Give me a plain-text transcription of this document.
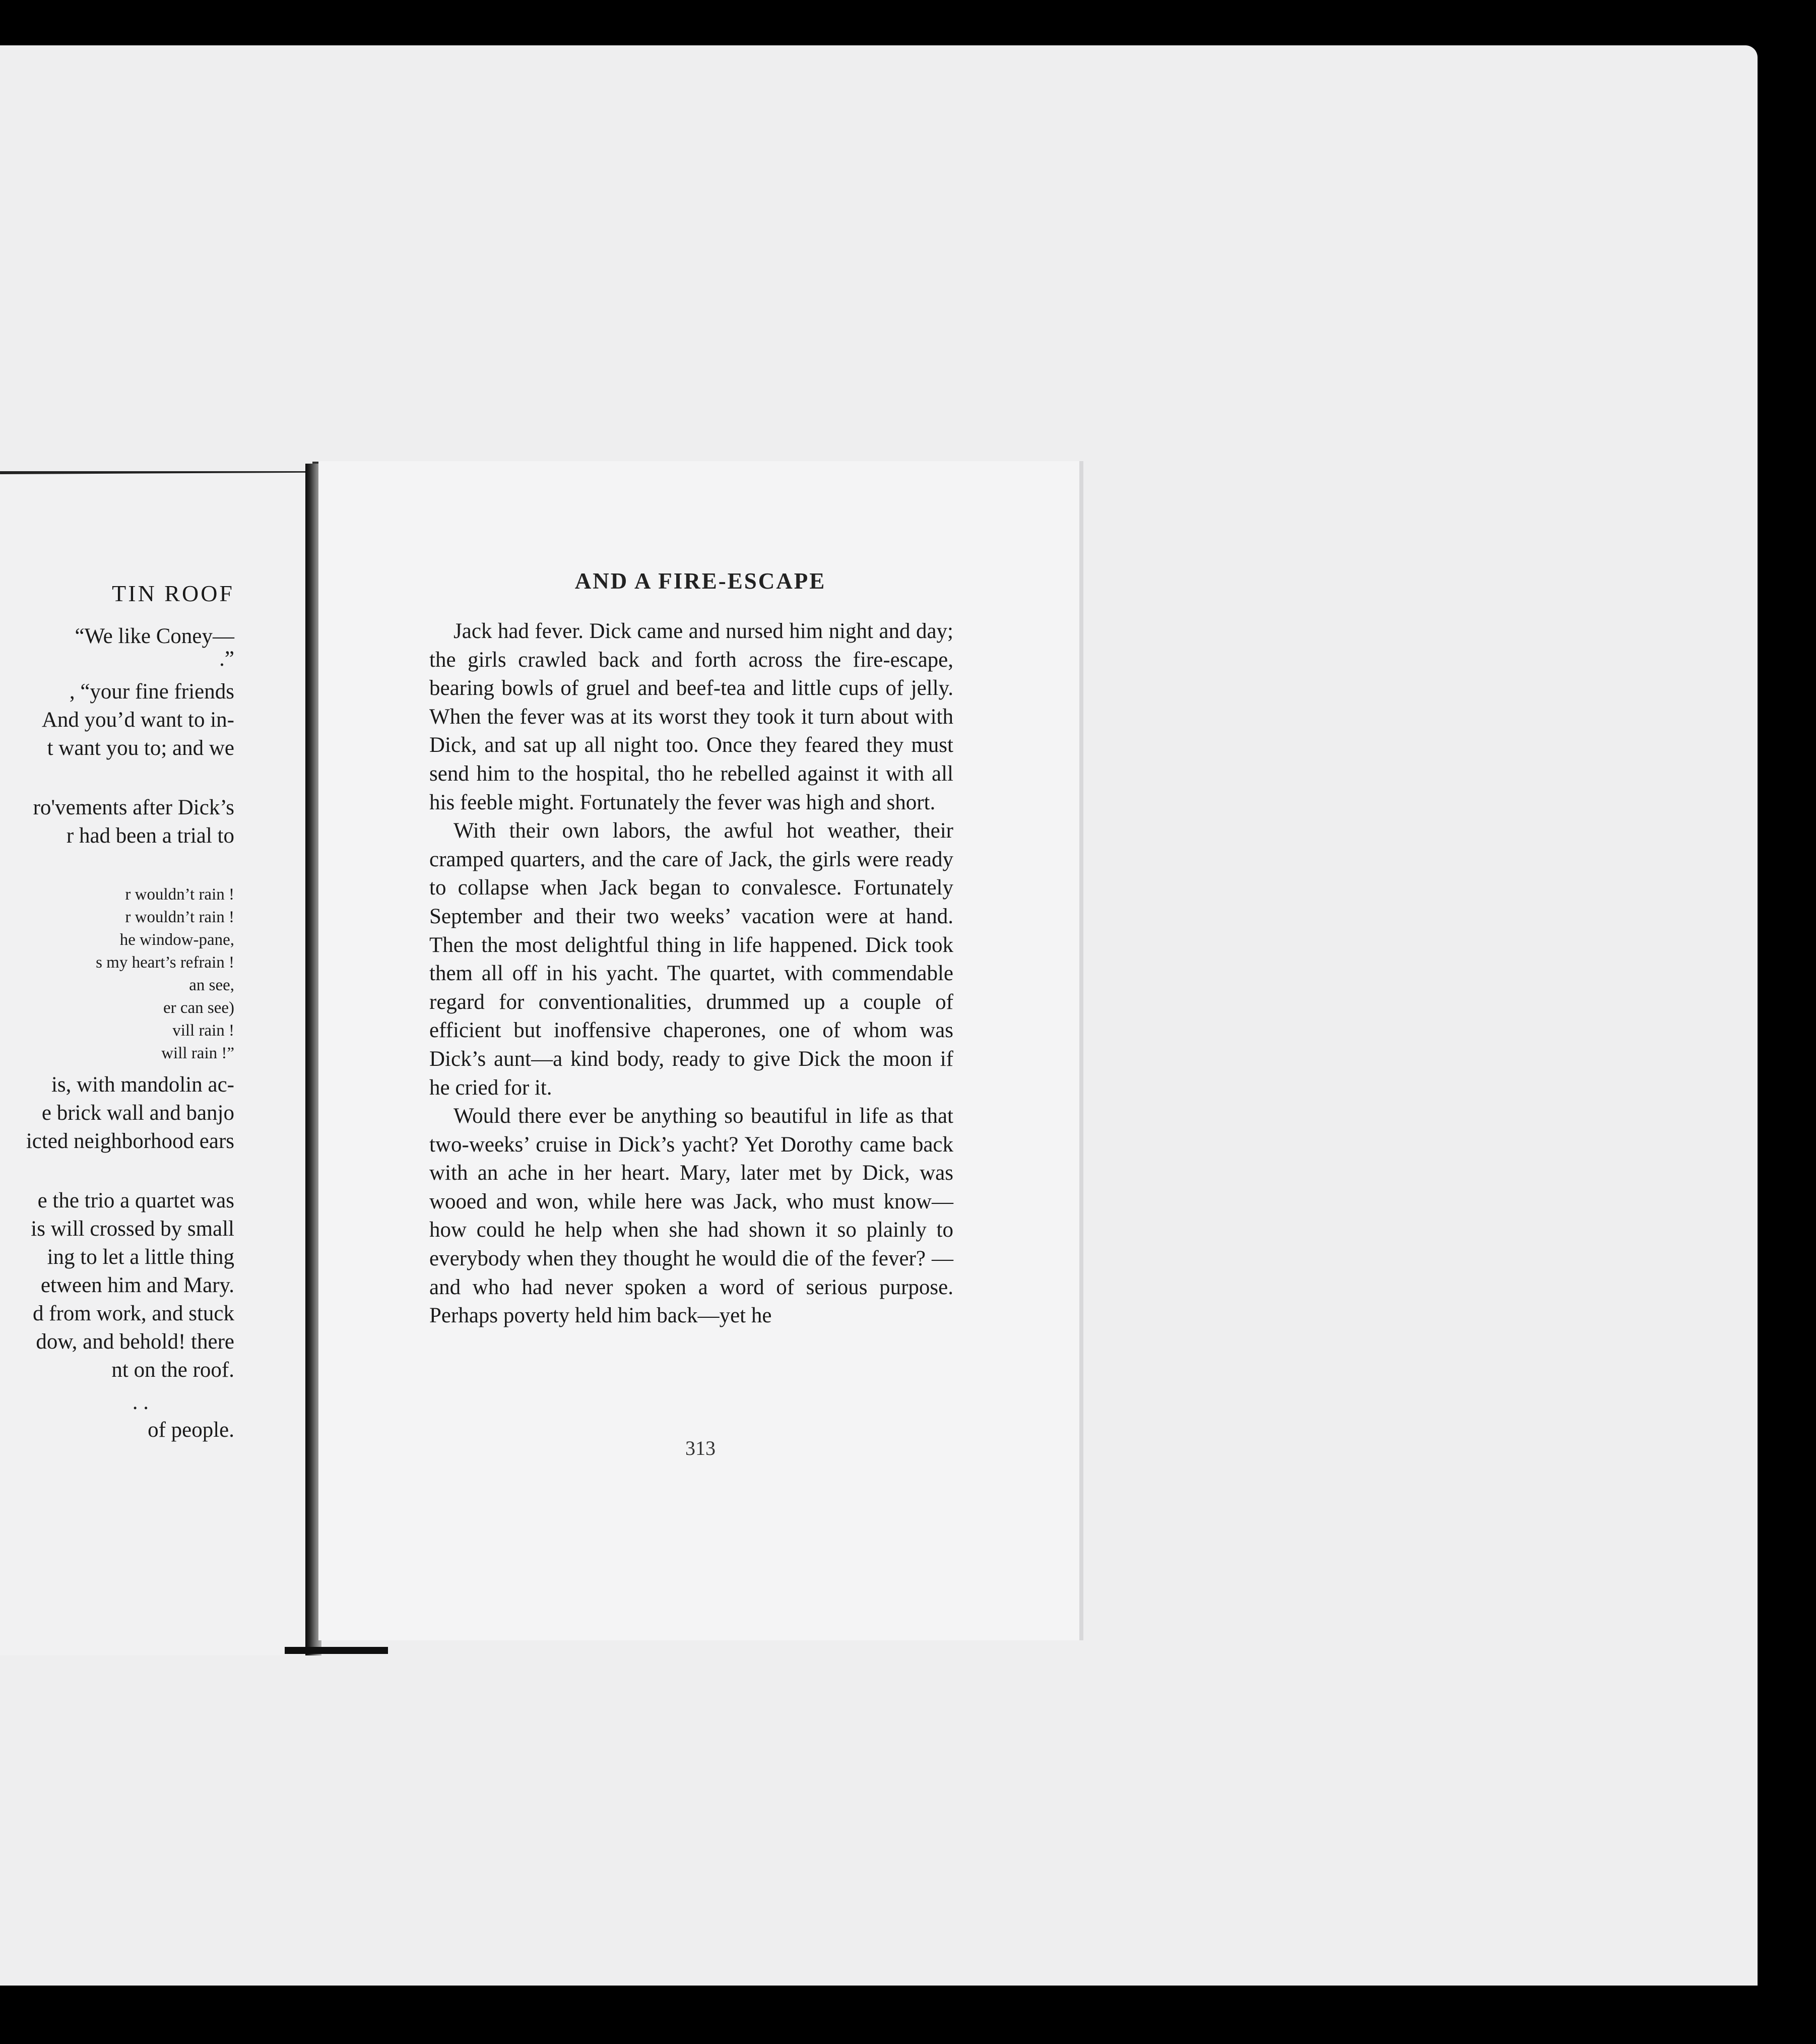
TIN ROOF
“We like Coney—
.”
, “your fine friends
And you’d want to in-
t want you to; and we
ro'vements after Dick’s
r had been a trial to
r wouldn’t rain !
r wouldn’t rain !
he window-pane,
s my heart’s refrain !
an see,
er can see)
vill rain !
will rain !”
is, with mandolin ac-
e brick wall and banjo
icted neighborhood ears
e the trio a quartet was
is will crossed by small
ing to let a little thing
etween him and Mary.
d from work, and stuck
dow, and behold! there
nt on the roof.
. .
of people.
AND A FIRE-ESCAPE

Jack had fever. Dick came and nursed him night and day; the girls crawled back and forth across the fire-escape, bearing bowls of gruel and beef-tea and little cups of jelly. When the fever was at its worst they took it turn about with Dick, and sat up all night too. Once they feared they must send him to the hospital, tho he rebelled against it with all his feeble might. Fortunately the fever was high and short.

With their own labors, the awful hot weather, their cramped quarters, and the care of Jack, the girls were ready to collapse when Jack began to convalesce. Fortunately September and their two weeks’ vacation were at hand. Then the most delightful thing in life happened. Dick took them all off in his yacht. The quartet, with commendable regard for conventionalities, drummed up a couple of efficient but inoffensive chaperones, one of whom was Dick’s aunt—a kind body, ready to give Dick the moon if he cried for it.

Would there ever be anything so beautiful in life as that two-weeks’ cruise in Dick’s yacht? Yet Dorothy came back with an ache in her heart. Mary, later met by Dick, was wooed and won, while here was Jack, who must know—how could he help when she had shown it so plainly to everybody when they thought he would die of the fever? —and who had never spoken a word of serious purpose. Perhaps poverty held him back—yet he

313
